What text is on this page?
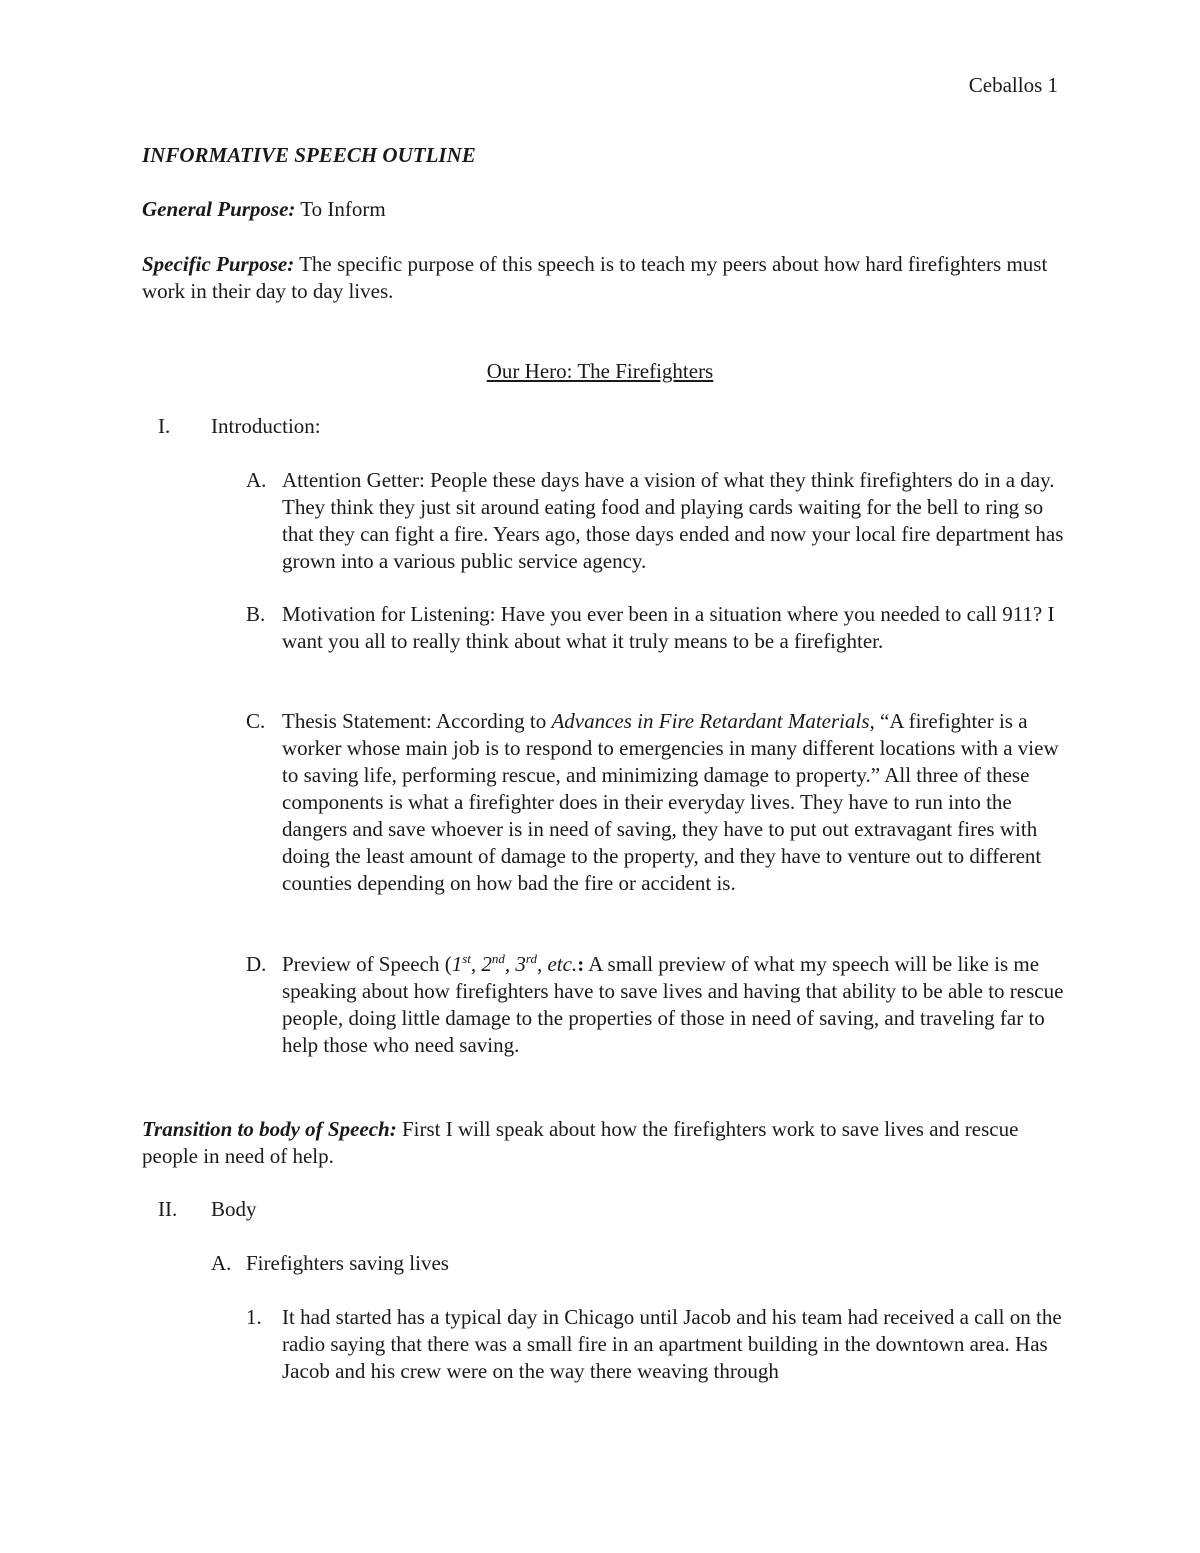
Ceballos 1
INFORMATIVE SPEECH OUTLINE
General Purpose: To Inform
Specific Purpose: The specific purpose of this speech is to teach my peers about how hard firefighters must work in their day to day lives.
Our Hero: The Firefighters
I. Introduction:
A. Attention Getter: People these days have a vision of what they think firefighters do in a day. They think they just sit around eating food and playing cards waiting for the bell to ring so that they can fight a fire. Years ago, those days ended and now your local fire department has grown into a various public service agency.
B. Motivation for Listening: Have you ever been in a situation where you needed to call 911? I want you all to really think about what it truly means to be a firefighter.
C. Thesis Statement: According to Advances in Fire Retardant Materials, “A firefighter is a worker whose main job is to respond to emergencies in many different locations with a view to saving life, performing rescue, and minimizing damage to property.” All three of these components is what a firefighter does in their everyday lives. They have to run into the dangers and save whoever is in need of saving, they have to put out extravagant fires with doing the least amount of damage to the property, and they have to venture out to different counties depending on how bad the fire or accident is.
D. Preview of Speech (1st, 2nd, 3rd, etc.: A small preview of what my speech will be like is me speaking about how firefighters have to save lives and having that ability to be able to rescue people, doing little damage to the properties of those in need of saving, and traveling far to help those who need saving.
Transition to body of Speech: First I will speak about how the firefighters work to save lives and rescue people in need of help.
II. Body
A. Firefighters saving lives
1. It had started has a typical day in Chicago until Jacob and his team had received a call on the radio saying that there was a small fire in an apartment building in the downtown area. Has Jacob and his crew were on the way there weaving through
